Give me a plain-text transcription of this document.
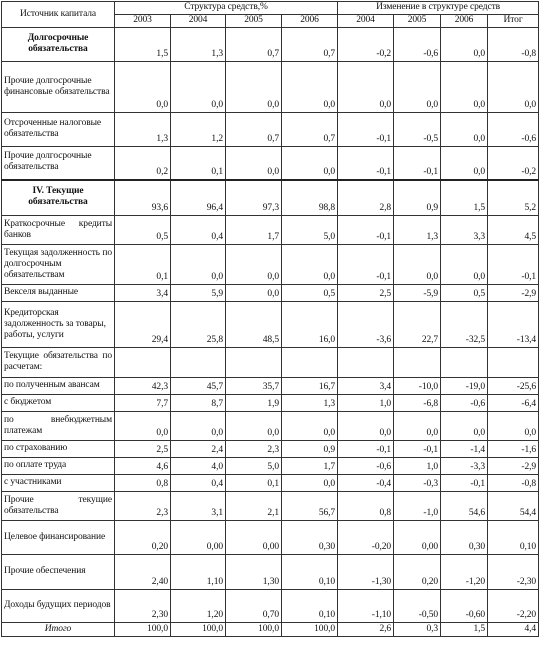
Источник капитала	Структура средств,%				Изменение в структуре средств			
	2003	2004	2005	2006	2004	2005	2006	Итог
Долгосрочные обязательства	1,5	1,3	0,7	0,7	-0,2	-0,6	0,0	-0,8
Прочие долгосрочные финансовые обязательства	0,0	0,0	0,0	0,0	0,0	0,0	0,0	0,0
Отсроченные налоговые обязательства	1,3	1,2	0,7	0,7	-0,1	-0,5	0,0	-0,6
Прочие долгосрочные обязательства	0,2	0,1	0,0	0,0	-0,1	-0,1	0,0	-0,2
IV. Текущие обязательства	93,6	96,4	97,3	98,8	2,8	0,9	1,5	5,2
Краткосрочные кредиты банков	0,5	0,4	1,7	5,0	-0,1	1,3	3,3	4,5
Текущая задолженность по долгосрочным обязательствам	0,1	0,0	0,0	0,0	-0,1	0,0	0,0	-0,1
Векселя выданные	3,4	5,9	0,0	0,5	2,5	-5,9	0,5	-2,9
Кредиторская задолженность за товары, работы, услуги	29,4	25,8	48,5	16,0	-3,6	22,7	-32,5	-13,4
Текущие обязательства по расчетам:								
по полученным авансам	42,3	45,7	35,7	16,7	3,4	-10,0	-19,0	-25,6
с бюджетом	7,7	8,7	1,9	1,3	1,0	-6,8	-0,6	-6,4
по внебюджетным платежам	0,0	0,0	0,0	0,0	0,0	0,0	0,0	0,0
по страхованию	2,5	2,4	2,3	0,9	-0,1	-0,1	-1,4	-1,6
по оплате труда	4,6	4,0	5,0	1,7	-0,6	1,0	-3,3	-2,9
с участниками	0,8	0,4	0,1	0,0	-0,4	-0,3	-0,1	-0,8
Прочие текущие обязательства	2,3	3,1	2,1	56,7	0,8	-1,0	54,6	54,4
Целевое финансирование	0,20	0,00	0,00	0,30	-0,20	0,00	0,30	0,10
Прочие обеспечения	2,40	1,10	1,30	0,10	-1,30	0,20	-1,20	-2,30
Доходы будущих периодов	2,30	1,20	0,70	0,10	-1,10	-0,50	-0,60	-2,20
Итого	100,0	100,0	100,0	100,0	2,6	0,3	1,5	4,4
